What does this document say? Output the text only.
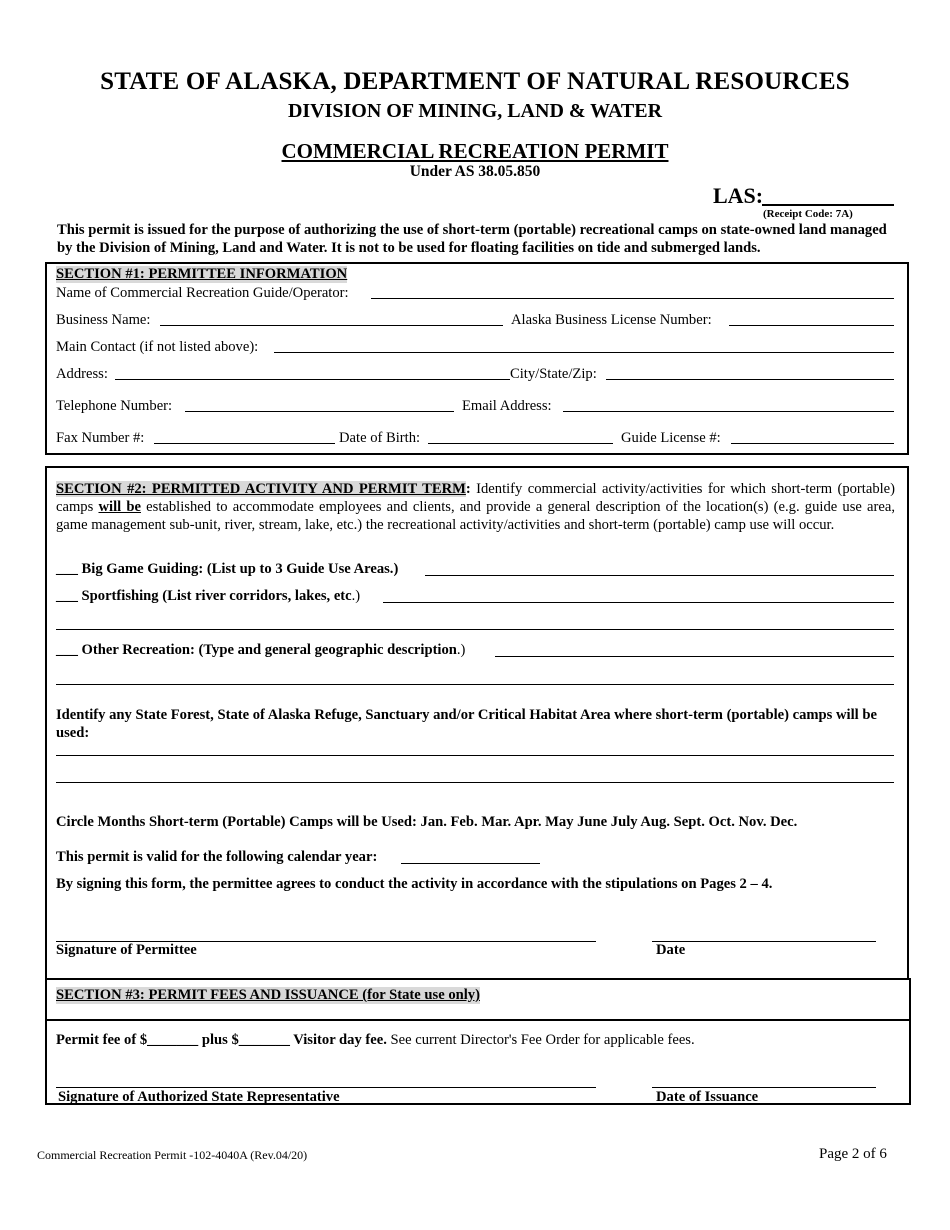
STATE OF ALASKA, DEPARTMENT OF NATURAL RESOURCES
DIVISION OF MINING, LAND & WATER
COMMERCIAL RECREATION PERMIT
Under AS 38.05.850
LAS:
(Receipt Code: 7A)
This permit is issued for the purpose of authorizing the use of short-term (portable) recreational camps on state-owned land managed by the Division of Mining, Land and Water. It is not to be used for floating facilities on tide and submerged lands.
SECTION #1: PERMITTEE INFORMATION
Name of Commercial Recreation Guide/Operator:
Business Name:	Alaska Business License Number:
Main Contact (if not listed above):
Address:	City/State/Zip:
Telephone Number:	Email Address:
Fax Number #:	Date of Birth:	Guide License #:
SECTION #2: PERMITTED ACTIVITY AND PERMIT TERM: Identify commercial activity/activities for which short-term (portable) camps will be established to accommodate employees and clients, and provide a general description of the location(s) (e.g. guide use area, game management sub-unit, river, stream, lake, etc.) the recreational activity/activities and short-term (portable) camp use will occur.
___ Big Game Guiding: (List up to 3 Guide Use Areas.)
___ Sportfishing (List river corridors, lakes, etc.)
___ Other Recreation: (Type and general geographic description.)
Identify any State Forest, State of Alaska Refuge, Sanctuary and/or Critical Habitat Area where short-term (portable) camps will be used:
Circle Months Short-term (Portable) Camps will be Used: Jan. Feb. Mar. Apr. May June July Aug. Sept. Oct. Nov. Dec.
This permit is valid for the following calendar year:
By signing this form, the permittee agrees to conduct the activity in accordance with the stipulations on Pages 2 – 4.
Signature of Permittee	Date
SECTION #3: PERMIT FEES AND ISSUANCE (for State use only)
Permit fee of $_______ plus $_______ Visitor day fee. See current Director's Fee Order for applicable fees.
Signature of Authorized State Representative	Date of Issuance
Commercial Recreation Permit -102-4040A (Rev.04/20)	Page 2 of 6
